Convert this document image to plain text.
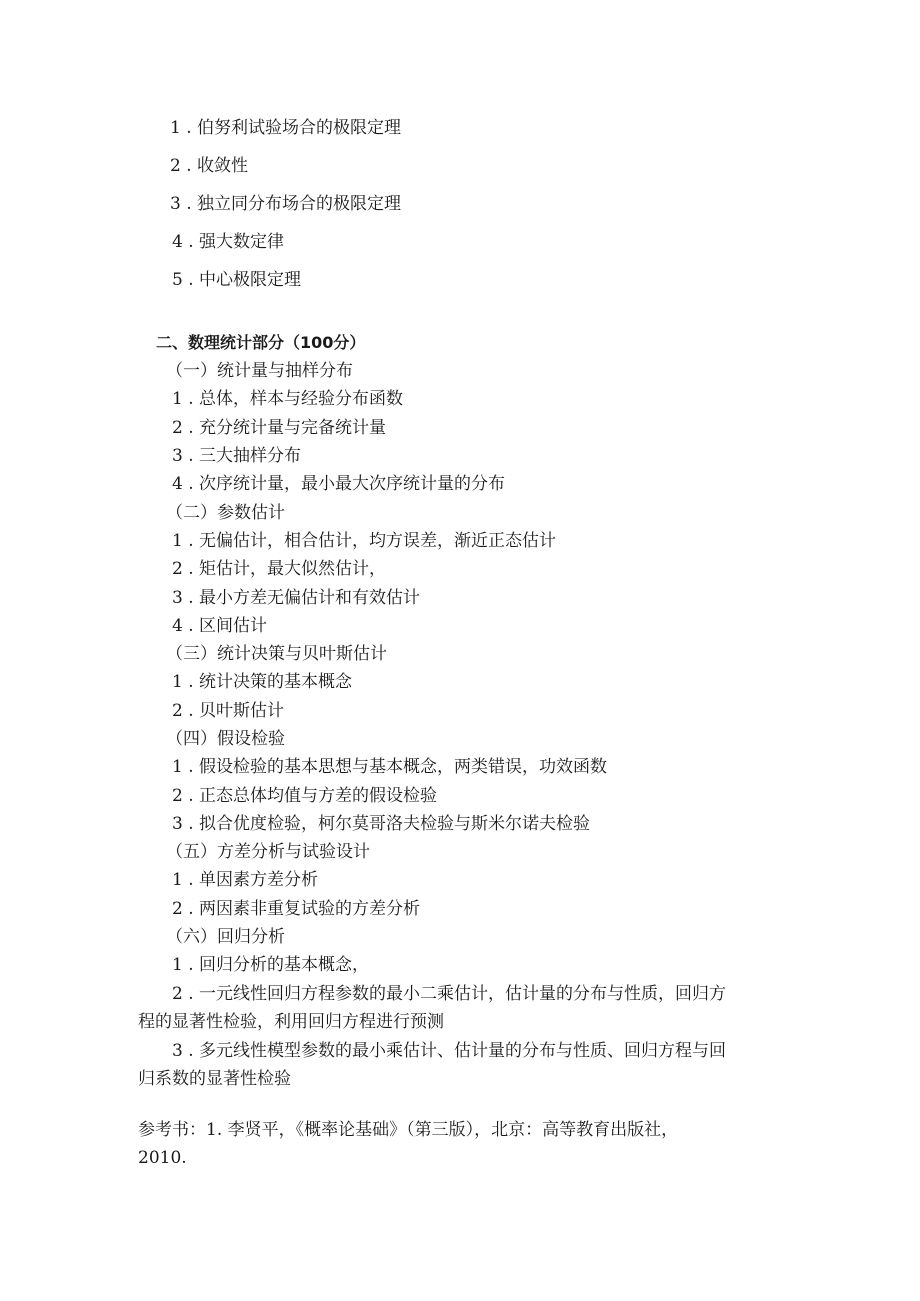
1 . 伯努利试验场合的极限定理
2 . 收敛性
3 . 独立同分布场合的极限定理
4 . 强大数定律
5 . 中心极限定理
二、数理统计部分（100分）
（一）统计量与抽样分布
1 . 总体，样本与经验分布函数
2 . 充分统计量与完备统计量
3 . 三大抽样分布
4 . 次序统计量，最小最大次序统计量的分布
（二）参数估计
1 . 无偏估计，相合估计，均方误差，渐近正态估计
2 . 矩估计，最大似然估计，
3 . 最小方差无偏估计和有效估计
4 . 区间估计
（三）统计决策与贝叶斯估计
1 . 统计决策的基本概念
2 . 贝叶斯估计
（四）假设检验
1 . 假设检验的基本思想与基本概念，两类错误，功效函数
2 . 正态总体均值与方差的假设检验
3 . 拟合优度检验，柯尔莫哥洛夫检验与斯米尔诺夫检验
（五）方差分析与试验设计
1 . 单因素方差分析
2 . 两因素非重复试验的方差分析
（六）回归分析
1 . 回归分析的基本概念，
2 . 一元线性回归方程参数的最小二乘估计，估计量的分布与性质，回归方
程的显著性检验，利用回归方程进行预测
3 . 多元线性模型参数的最小乘估计、估计量的分布与性质、回归方程与回
归系数的显著性检验
参考书：1. 李贤平，《概率论基础》（第三版），北京：高等教育出版社，
2010.
